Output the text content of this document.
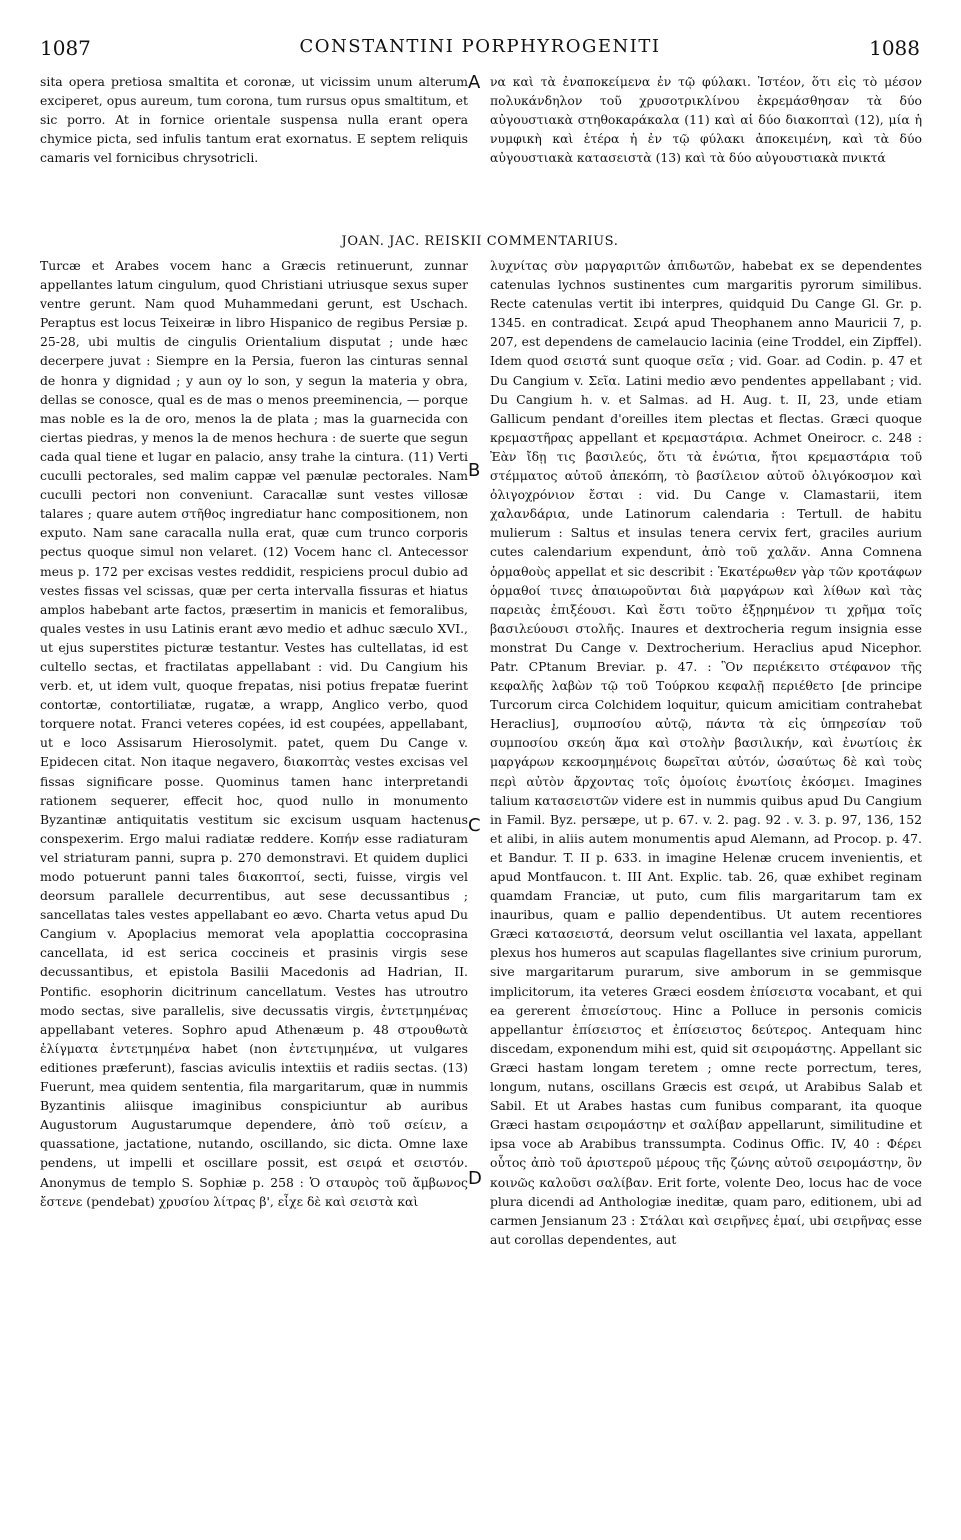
1087	CONSTANTINI PORPHYROGENITI	1088

sita opera pretiosa smaltita et coronæ, ut vicissim unum alterum exciperet, opus aureum, tum corona, tum rursus opus smaltitum, et sic porro. At in fornice orientale suspensa nulla erant opera chymice picta, sed infulis tantum erat exornatus. E septem reliquis camaris vel fornicibus chrysotricli.

A να καὶ τὰ ἐναποκείμενα ἐν τῷ φύλακι. Ἰστέον, ὅτι εἰς τὸ μέσον πολυκάνδηλον τοῦ χρυσοτρικλίνου ἐκρεμάσθησαν τὰ δύο αὐγουστιακὰ στηθοκαράκαλα (11) καὶ αἱ δύο διακοπταὶ (12), μία ἡ νυμφικὴ καὶ ἑτέρα ἡ ἐν τῷ φύλακι ἀποκειμένη, καὶ τὰ δύο αὐγουστιακὰ κατασειστὰ (13) καὶ τὰ δύο αὐγουστιακὰ πνικτά

JOAN. JAC. REISKII COMMENTARIUS.

Turcæ et Arabes vocem hanc a Græcis retinuerunt, zunnar appellantes latum cingulum, quod Christiani utriusque sexus super ventre gerunt. Nam quod Muhammedani gerunt, est Uschach. Peraptus est locus Teixeiræ in libro Hispanico de regibus Persiæ p. 25-28, ubi multis de cingulis Orientalium disputat ; unde hæc decerpere juvat : Siempre en la Persia, fueron las cinturas sennal de honra y dignidad ; y aun oy lo son, y segun la materia y obra, dellas se conosce, qual es de mas o menos preeminencia, — porque mas noble es la de oro, menos la de plata ; mas la guarnecida con ciertas piedras, y menos la de menos hechura : de suerte que segun cada qual tiene et lugar en palacio, ansy trahe la cintura. (11) Verti cuculli pectorales, sed malim cappæ vel pænulæ pectorales. Nam cuculli pectori non conveniunt. Caracallæ sunt vestes villosæ talares ; quare autem στῆθος ingrediatur hanc compositionem, non exputo. Nam sane caracalla nulla erat, quæ cum trunco corporis pectus quoque simul non velaret. (12) Vocem hanc cl. Antecessor meus p. 172 per excisas vestes reddidit, respiciens procul dubio ad vestes fissas vel scissas, quæ per certa intervalla fissuras et hiatus amplos habebant arte factos, præsertim in manicis et femoralibus, quales vestes in usu Latinis erant ævo medio et adhuc sæculo XVI., ut ejus superstites picturæ testantur. Vestes has cultellatas, id est cultello sectas, et fractilatas appellabant : vid. Du Cangium his verb. et, ut idem vult, quoque frepatas, nisi potius frepatæ fuerint contortæ, contortiliatæ, rugatæ, a wrapp, Anglico verbo, quod torquere notat. Franci veteres copées, id est coupées, appellabant, ut e loco Assisarum Hierosolymit. patet, quem Du Cange v. Epidecen citat. Non itaque negavero, διακοπτὰς vestes excisas vel fissas significare posse. Quominus tamen hanc interpretandi rationem sequerer, effecit hoc, quod nullo in monumento Byzantinæ antiquitatis vestitum sic excisum usquam hactenus conspexerim. Ergo malui radiatæ reddere. Κοπήν esse radiaturam vel striaturam panni, supra p. 270 demonstravi. Et quidem duplici modo potuerunt panni tales διακοπτοί, secti, fuisse, virgis vel deorsum parallele decurrentibus, aut sese decussantibus ; sancellatas tales vestes appellabant eo ævo. Charta vetus apud Du Cangium v. Apoplacius memorat vela apoplattia coccoprasina cancellata, id est serica coccineis et prasinis virgis sese decussantibus, et epistola Basilii Macedonis ad Hadrian, II. Pontific. esophorin dicitrinum cancellatum. Vestes has utroutro modo sectas, sive parallelis, sive decussatis virgis, ἐντετμημένας appellabant veteres. Sophro apud Athenæum p. 48 στρουθωτὰ ἐλίγματα ἐντετμημένα habet (non ἐντετιμημένα, ut vulgares editiones præferunt), fascias aviculis intextiis et radiis sectas. (13) Fuerunt, mea quidem sententia, fila margaritarum, quæ in nummis Byzantinis aliisque imaginibus conspiciuntur ab auribus Augustorum Augustarumque dependere, ἀπὸ τοῦ σείειν, a quassatione, jactatione, nutando, oscillando, sic dicta. Omne laxe pendens, ut impelli et oscillare possit, est σειρά et σειστόν. Anonymus de templo S. Sophiæ p. 258 : Ὁ σταυρὸς τοῦ ἄμβωνος ἔστενε (pendebat) χρυσίου λίτρας β', εἶχε δὲ καὶ σειστὰ καὶ

B
C
D

λυχνίτας σὺν μαργαριτῶν ἀπιδωτῶν, habebat ex se dependentes catenulas lychnos sustinentes cum margaritis pyrorum similibus. Recte catenulas vertit ibi interpres, quidquid Du Cange Gl. Gr. p. 1345. en contradicat. Σειρά apud Theophanem anno Mauricii 7, p. 207, est dependens de camelaucio lacinia (eine Troddel, ein Zipffel). Idem quod σειστά sunt quoque σεῖα ; vid. Goar. ad Codin. p. 47 et Du Cangium v. Σεῖα. Latini medio ævo pendentes appellabant ; vid. Du Cangium h. v. et Salmas. ad H. Aug. t. II, 23, unde etiam Gallicum pendant d'oreilles item plectas et flectas. Græci quoque κρεμαστῆρας appellant et κρεμαστάρια. Achmet Oneirocr. c. 248 : Ἐὰν ἴδῃ τις βασιλεύς, ὅτι τὰ ἐνώτια, ἤτοι κρεμαστάρια τοῦ στέμματος αὐτοῦ ἀπεκόπη, τὸ βασίλειον αὐτοῦ ὀλιγόκοσμον καὶ ὀλιγοχρόνιον ἔσται : vid. Du Cange v. Clamastarii, item χαλανδάρια, unde Latinorum calendaria : Tertull. de habitu mulierum : Saltus et insulas tenera cervix fert, graciles aurium cutes calendarium expendunt, ἀπὸ τοῦ χαλᾶν. Anna Comnena ὁρμαθοὺς appellat et sic describit : Ἑκατέρωθεν γὰρ τῶν κροτάφων ὁρμαθοί τινες ἀπαιωροῦνται διὰ μαργάρων καὶ λίθων καὶ τὰς παρειὰς ἐπιξέουσι. Καὶ ἔστι τοῦτο ἐξῃρημένον τι χρῆμα τοῖς βασιλεύουσι στολῆς. Inaures et dextrocheria regum insignia esse monstrat Du Cange v. Dextrocherium. Heraclius apud Nicephor. Patr. CPtanum Breviar. p. 47. : Ὃν περιέκειτο στέφανον τῆς κεφαλῆς λαβὼν τῷ τοῦ Τούρκου κεφαλῇ περιέθετο [de principe Turcorum circa Colchidem loquitur, quicum amicitiam contrahebat Heraclius], συμποσίου αὐτῷ, πάντα τὰ εἰς ὑπηρεσίαν τοῦ συμποσίου σκεύη ἅμα καὶ στολὴν βασιλικήν, καὶ ἐνωτίοις ἐκ μαργάρων κεκοσμημένοις δωρεῖται αὐτόν, ὡσαύτως δὲ καὶ τοὺς περὶ αὐτὸν ἄρχοντας τοῖς ὁμοίοις ἐνωτίοις ἐκόσμει. Imagines talium κατασειστῶν videre est in nummis quibus apud Du Cangium in Famil. Byz. persæpe, ut p. 67. v. 2. pag. 92 . v. 3. p. 97, 136, 152 et alibi, in aliis autem monumentis apud Alemann, ad Procop. p. 47. et Bandur. T. II p. 633. in imagine Helenæ crucem invenientis, et apud Montfaucon. t. III Ant. Explic. tab. 26, quæ exhibet reginam quamdam Franciæ, ut puto, cum filis margaritarum tam ex inauribus, quam e pallio dependentibus. Ut autem recentiores Græci κατασειστά, deorsum velut oscillantia vel laxata, appellant plexus hos humeros aut scapulas flagellantes sive crinium purorum, sive margaritarum purarum, sive amborum in se gemmisque implicitorum, ita veteres Græci eosdem ἐπίσειστα vocabant, et qui ea gererent ἐπισείστους. Hinc a Polluce in personis comicis appellantur ἐπίσειστος et ἐπίσειστος δεύτερος. Antequam hinc discedam, exponendum mihi est, quid sit σειρομάστης. Appellant sic Græci hastam longam teretem ; omne recte porrectum, teres, longum, nutans, oscillans Græcis est σειρά, ut Arabibus Salab et Sabil. Et ut Arabes hastas cum funibus comparant, ita quoque Græci hastam σειρομάστην et σαλίβαν appellarunt, similitudine et ipsa voce ab Arabibus transsumpta. Codinus Offic. IV, 40 : Φέρει οὗτος ἀπὸ τοῦ ἀριστεροῦ μέρους τῆς ζώνης αὐτοῦ σειρομάστην, ὃν κοινῶς καλοῦσι σαλίβαν. Erit forte, volente Deo, locus hac de voce plura dicendi ad Anthologiæ ineditæ, quam paro, editionem, ubi ad carmen Jensianum 23 : Στάλαι καὶ σειρῆνες ἐμαί, ubi σειρῆνας esse aut corollas dependentes, aut
